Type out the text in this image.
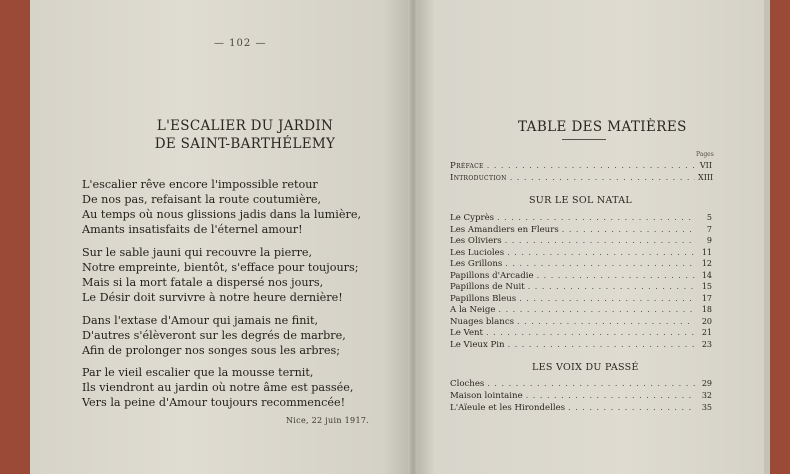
— 102 —
L'ESCALIER DU JARDIN
DE SAINT-BARTHÉLEMY
L'escalier rêve encore l'impossible retour
De nos pas, refaisant la route coutumière,
Au temps où nous glissions jadis dans la lumière,
Amants insatisfaits de l'éternel amour!
Sur le sable jauni qui recouvre la pierre,
Notre empreinte, bientôt, s'efface pour toujours;
Mais si la mort fatale a dispersé nos jours,
Le Désir doit survivre à notre heure dernière!
Dans l'extase d'Amour qui jamais ne finit,
D'autres s'élèveront sur les degrés de marbre,
Afin de prolonger nos songes sous les arbres;
Par le vieil escalier que la mousse ternit,
Ils viendront au jardin où notre âme est passée,
Vers la peine d'Amour toujours recommencée!
Nice, 22 juin 1917.
TABLE DES MATIÈRES
Pages
Préface . . .	VII
Introduction . . .	XIII
SUR LE SOL NATAL
Le Cyprès . . .	5
Les Amandiers en Fleurs . . .	7
Les Oliviers . . .	9
Les Lucioles . . .	11
Les Grillons . . .	12
Papillons d'Arcadie . . .	14
Papillons de Nuit . . .	15
Papillons Bleus . . .	17
A la Neige . . .	18
Nuages blancs . . .	20
Le Vent . . .	21
Le Vieux Pin . . .	23
LES VOIX DU PASSÉ
Cloches . . .	29
Maison lointaine . . .	32
L'Aïeule et les Hirondelles . . .	35
